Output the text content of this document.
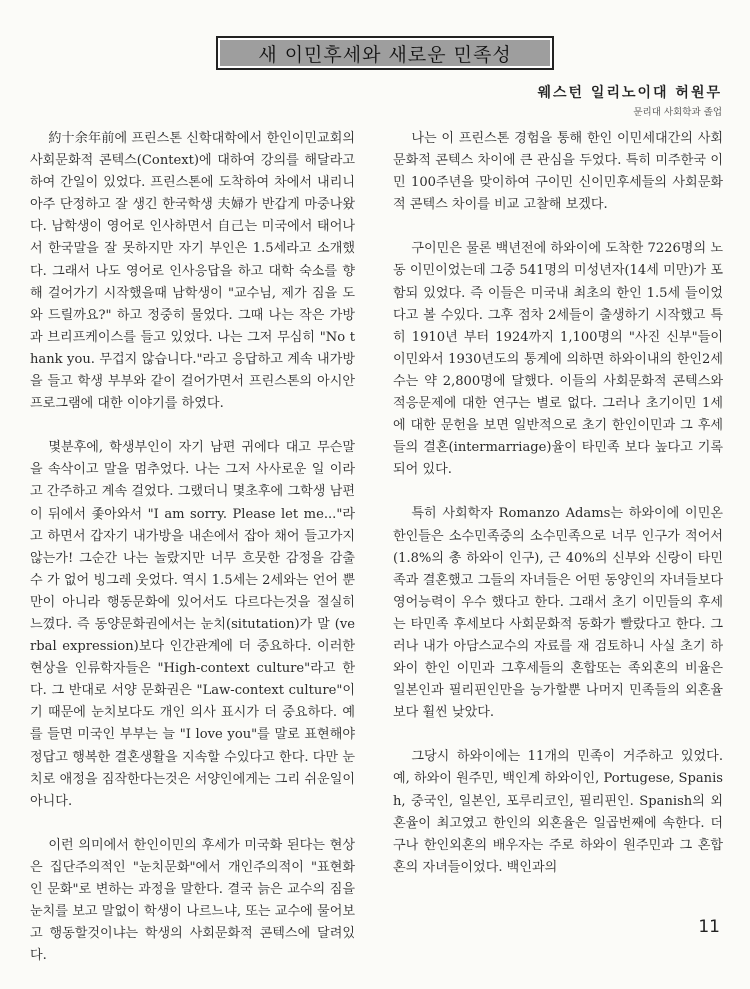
새 이민후세와 새로운 민족성
웨스턴 일리노이대 허원무
문리대 사회학과 졸업

約十余年前에 프린스톤 신학대학에서 한인이민교회의 사회문화적 콘텍스(Context)에 대하여 강의를 해달라고 하여 간일이 있었다. 프린스톤에 도착하여 차에서 내리니 아주 단정하고 잘 생긴 한국학생 夫婦가 반갑게 마중나왔다. 남학생이 영어로 인사하면서 自己는 미국에서 태어나서 한국말을 잘 못하지만 자기 부인은 1.5세라고 소개했다. 그래서 나도 영어로 인사응답을 하고 대학 숙소를 향해 걸어가기 시작했을때 남학생이 "교수님, 제가 짐을 도와 드릴까요?" 하고 정중히 물었다. 그때 나는 작은 가방과 브리프케이스를 들고 있었다. 나는 그저 무심히 "No thank you. 무겁지 않습니다."라고 응답하고 계속 내가방을 들고 학생 부부와 같이 걸어가면서 프린스톤의 아시안 프로그램에 대한 이야기를 하였다.

몇분후에, 학생부인이 자기 남편 귀에다 대고 무슨말을 속삭이고 말을 멈추었다. 나는 그저 사사로운 일 이라고 간주하고 계속 걸었다. 그랬더니 몇초후에 그학생 남편이 뒤에서 좇아와서 "I am sorry. Please let me..."라고 하면서 갑자기 내가방을 내손에서 잡아 채어 들고가지 않는가! 그순간 나는 놀랐지만 너무 흐뭇한 감정을 감출 수 가 없어 빙그레 웃었다. 역시 1.5세는 2세와는 언어 뿐만이 아니라 행동문화에 있어서도 다르다는것을 절실히 느꼈다. 즉 동양문화권에서는 눈치(situtation)가 말 (verbal expression)보다 인간관계에 더 중요하다. 이러한 현상을 인류학자들은 "High-context culture"라고 한다. 그 반대로 서양 문화권은 "Law-context culture"이기 때문에 눈치보다도 개인 의사 표시가 더 중요하다. 예를 들면 미국인 부부는 늘 "I love you"를 말로 표현해야 정답고 행복한 결혼생활을 지속할 수있다고 한다. 다만 눈치로 애정을 짐작한다는것은 서양인에게는 그리 쉬운일이 아니다.

이런 의미에서 한인이민의 후세가 미국화 된다는 현상은 집단주의적인 "눈치문화"에서 개인주의적이 "표현화인 문화"로 변하는 과정을 말한다. 결국 늙은 교수의 짐을 눈치를 보고 말없이 학생이 나르느냐, 또는 교수에 물어보고 행동할것이냐는 학생의 사회문화적 콘텍스에 달려있다.

나는 이 프린스톤 경험을 통해 한인 이민세대간의 사회문화적 콘텍스 차이에 큰 관심을 두었다. 특히 미주한국 이민 100주년을 맞이하여 구이민 신이민후세들의 사회문화적 콘텍스 차이를 비교 고찰해 보겠다.

구이민은 물론 백년전에 하와이에 도착한 7226명의 노동 이민이었는데 그중 541명의 미성년자(14세 미만)가 포함되 있었다. 즉 이들은 미국내 최초의 한인 1.5세 들이었다고 볼 수있다. 그후 점차 2세들이 출생하기 시작했고 특히 1910년 부터 1924까지 1,100명의 "사진 신부"들이 이민와서 1930년도의 통계에 의하면 하와이내의 한인2세수는 약 2,800명에 달했다. 이들의 사회문화적 콘텍스와 적응문제에 대한 연구는 별로 없다. 그러나 초기이민 1세에 대한 문헌을 보면 일반적으로 초기 한인이민과 그 후세들의 결혼(intermarriage)율이 타민족 보다 높다고 기록되어 있다.

특히 사회학자 Romanzo Adams는 하와이에 이민온 한인들은 소수민족중의 소수민족으로 너무 인구가 적어서 (1.8%의 총 하와이 인구), 근 40%의 신부와 신랑이 타민족과 결혼했고 그들의 자녀들은 어떤 동양인의 자녀들보다 영어능력이 우수 했다고 한다. 그래서 초기 이민들의 후세는 타민족 후세보다 사회문화적 동화가 빨랐다고 한다. 그러나 내가 아담스교수의 자료를 재 검토하니 사실 초기 하와이 한인 이민과 그후세들의 혼합또는 족외혼의 비율은 일본인과 필리핀인만을 능가할뿐 나머지 민족들의 외혼율 보다 휠씬 낮았다.

그당시 하와이에는 11개의 민족이 거주하고 있었다. 예, 하와이 원주민, 백인계 하와이인, Portugese, Spanish, 중국인, 일본인, 포루리코인, 필리핀인. Spanish의 외혼율이 최고였고 한인의 외혼율은 일곱번째에 속한다. 더구나 한인외혼의 배우자는 주로 하와이 원주민과 그 혼합혼의 자녀들이었다. 백인과의

11
